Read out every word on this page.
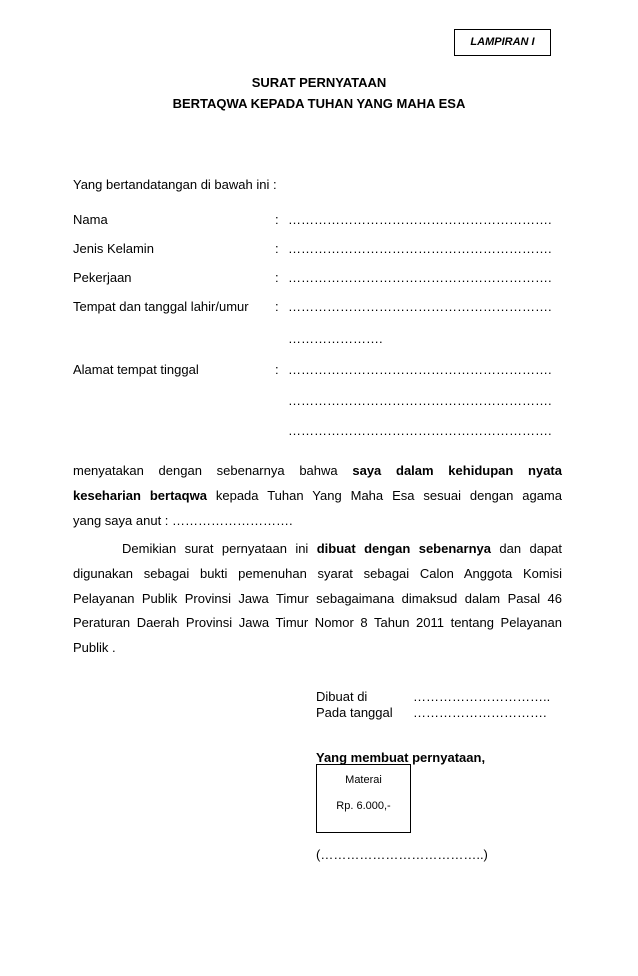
LAMPIRAN I
SURAT PERNYATAAN
BERTAQWA KEPADA TUHAN YANG MAHA ESA
Yang bertandatangan di bawah ini :
Nama	: …………………………………………………….
Jenis Kelamin	: …………………………………………………….
Pekerjaan	: …………………………………………………….
Tempat dan tanggal lahir/umur : …………………………………………………….
………………….
Alamat tempat tinggal	: …………………………………………………….
…………………………………………………….
…………………………………………………….
menyatakan dengan sebenarnya bahwa saya dalam kehidupan nyata
keseharian bertaqwa kepada Tuhan Yang Maha Esa sesuai dengan agama
yang saya anut : ……………………….
Demikian surat pernyataan ini dibuat dengan sebenarnya dan dapat
digunakan sebagai bukti pemenuhan syarat sebagai Calon Anggota Komisi
Pelayanan Publik Provinsi Jawa Timur sebagaimana dimaksud dalam Pasal 46
Peraturan Daerah Provinsi Jawa Timur Nomor 8 Tahun 2011 tentang Pelayanan
Publik .
Dibuat di	…………………………..
Pada tanggal ………………………….
Yang membuat pernyataan,
Materai
Rp. 6.000,-
(………………………………..)
